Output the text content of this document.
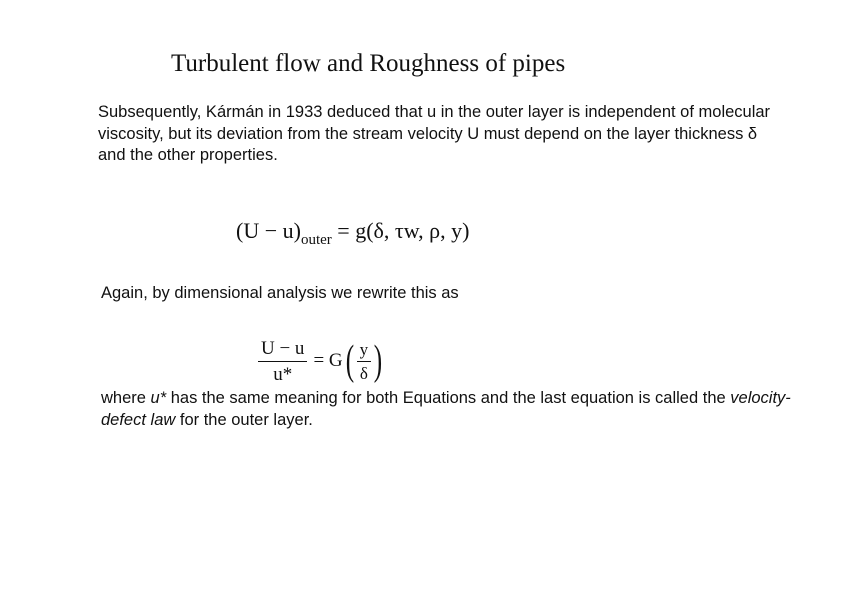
Turbulent flow and Roughness of pipes
Subsequently, Kármán in 1933 deduced that u in the outer layer is independent of molecular viscosity, but its deviation from the stream velocity U must depend on the layer thickness δ and the other properties.
$(U - u)_{outer} = g(\delta$, τw, ρ, y)
Again, by dimensional analysis we rewrite this as
$\frac{U - u}{u*} = G$ ( $\frac{y}{\delta}$ )
where u* has the same meaning for both Equations and the last equation is called the velocity-defect law for the outer layer.
